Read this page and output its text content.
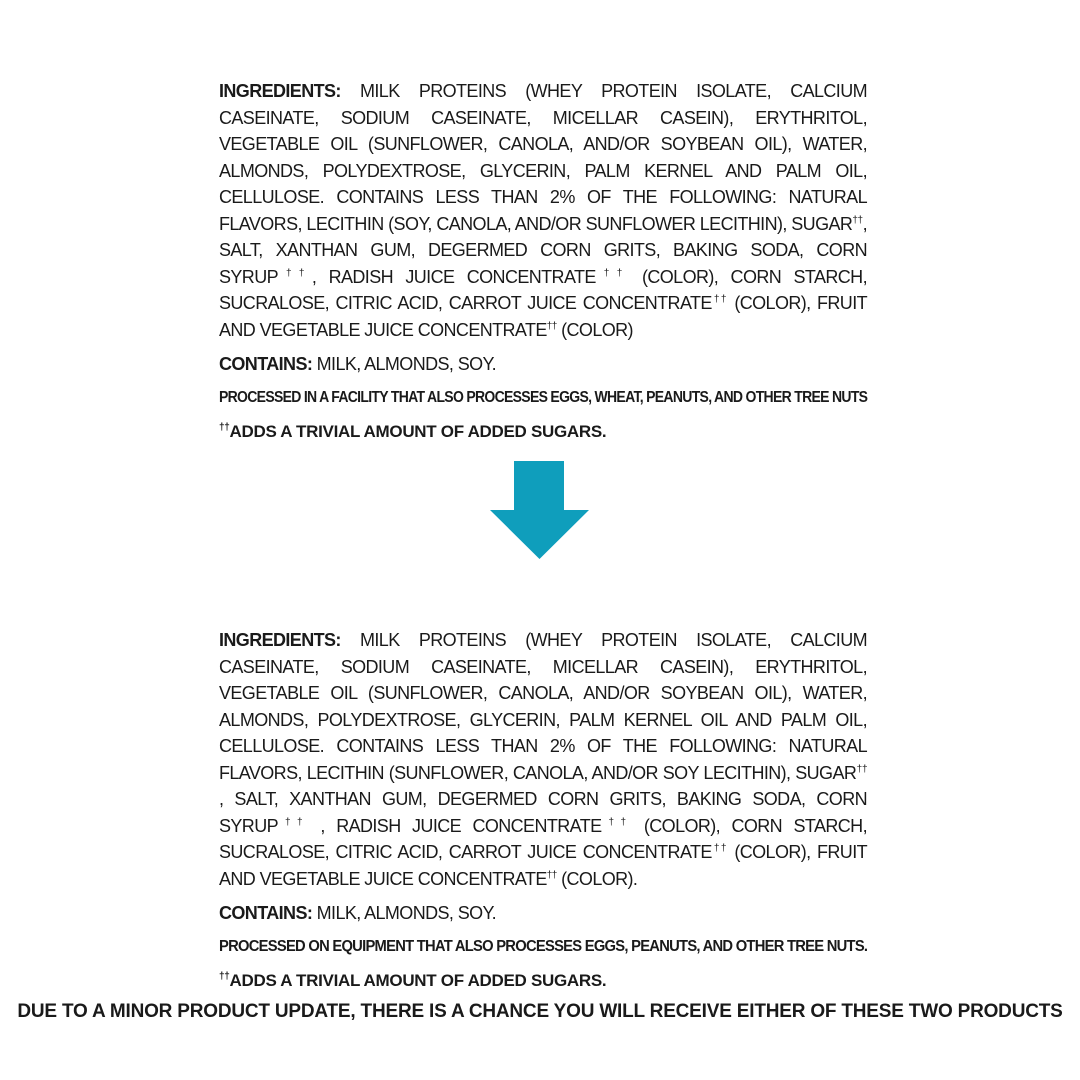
INGREDIENTS: MILK PROTEINS (WHEY PROTEIN ISOLATE, CALCIUM CASEINATE, SODIUM CASEINATE, MICELLAR CASEIN), ERYTHRITOL, VEGETABLE OIL (SUNFLOWER, CANOLA, AND/OR SOYBEAN OIL), WATER, ALMONDS, POLYDEXTROSE, GLYCERIN, PALM KERNEL AND PALM OIL, CELLULOSE. CONTAINS LESS THAN 2% OF THE FOLLOWING: NATURAL FLAVORS, LECITHIN (SOY, CANOLA, AND/OR SUNFLOWER LECITHIN), SUGAR††, SALT, XANTHAN GUM, DEGERMED CORN GRITS, BAKING SODA, CORN SYRUP††, RADISH JUICE CONCENTRATE†† (COLOR), CORN STARCH, SUCRALOSE, CITRIC ACID, CARROT JUICE CONCENTRATE†† (COLOR), FRUIT AND VEGETABLE JUICE CONCENTRATE†† (COLOR)

CONTAINS: MILK, ALMONDS, SOY.

PROCESSED IN A FACILITY THAT ALSO PROCESSES EGGS, WHEAT, PEANUTS, AND OTHER TREE NUTS

††ADDS A TRIVIAL AMOUNT OF ADDED SUGARS.

INGREDIENTS: MILK PROTEINS (WHEY PROTEIN ISOLATE, CALCIUM CASEINATE, SODIUM CASEINATE, MICELLAR CASEIN), ERYTHRITOL, VEGETABLE OIL (SUNFLOWER, CANOLA, AND/OR SOYBEAN OIL), WATER, ALMONDS, POLYDEXTROSE, GLYCERIN, PALM KERNEL OIL AND PALM OIL, CELLULOSE. CONTAINS LESS THAN 2% OF THE FOLLOWING: NATURAL FLAVORS, LECITHIN (SUNFLOWER, CANOLA, AND/OR SOY LECITHIN), SUGAR†† , SALT, XANTHAN GUM, DEGERMED CORN GRITS, BAKING SODA, CORN SYRUP†† , RADISH JUICE CONCENTRATE†† (COLOR), CORN STARCH, SUCRALOSE, CITRIC ACID, CARROT JUICE CONCENTRATE†† (COLOR), FRUIT AND VEGETABLE JUICE CONCENTRATE†† (COLOR).

CONTAINS: MILK, ALMONDS, SOY.

PROCESSED ON EQUIPMENT THAT ALSO PROCESSES EGGS, PEANUTS, AND OTHER TREE NUTS.

††ADDS A TRIVIAL AMOUNT OF ADDED SUGARS.

DUE TO A MINOR PRODUCT UPDATE, THERE IS A CHANCE YOU WILL RECEIVE EITHER OF THESE TWO PRODUCTS
